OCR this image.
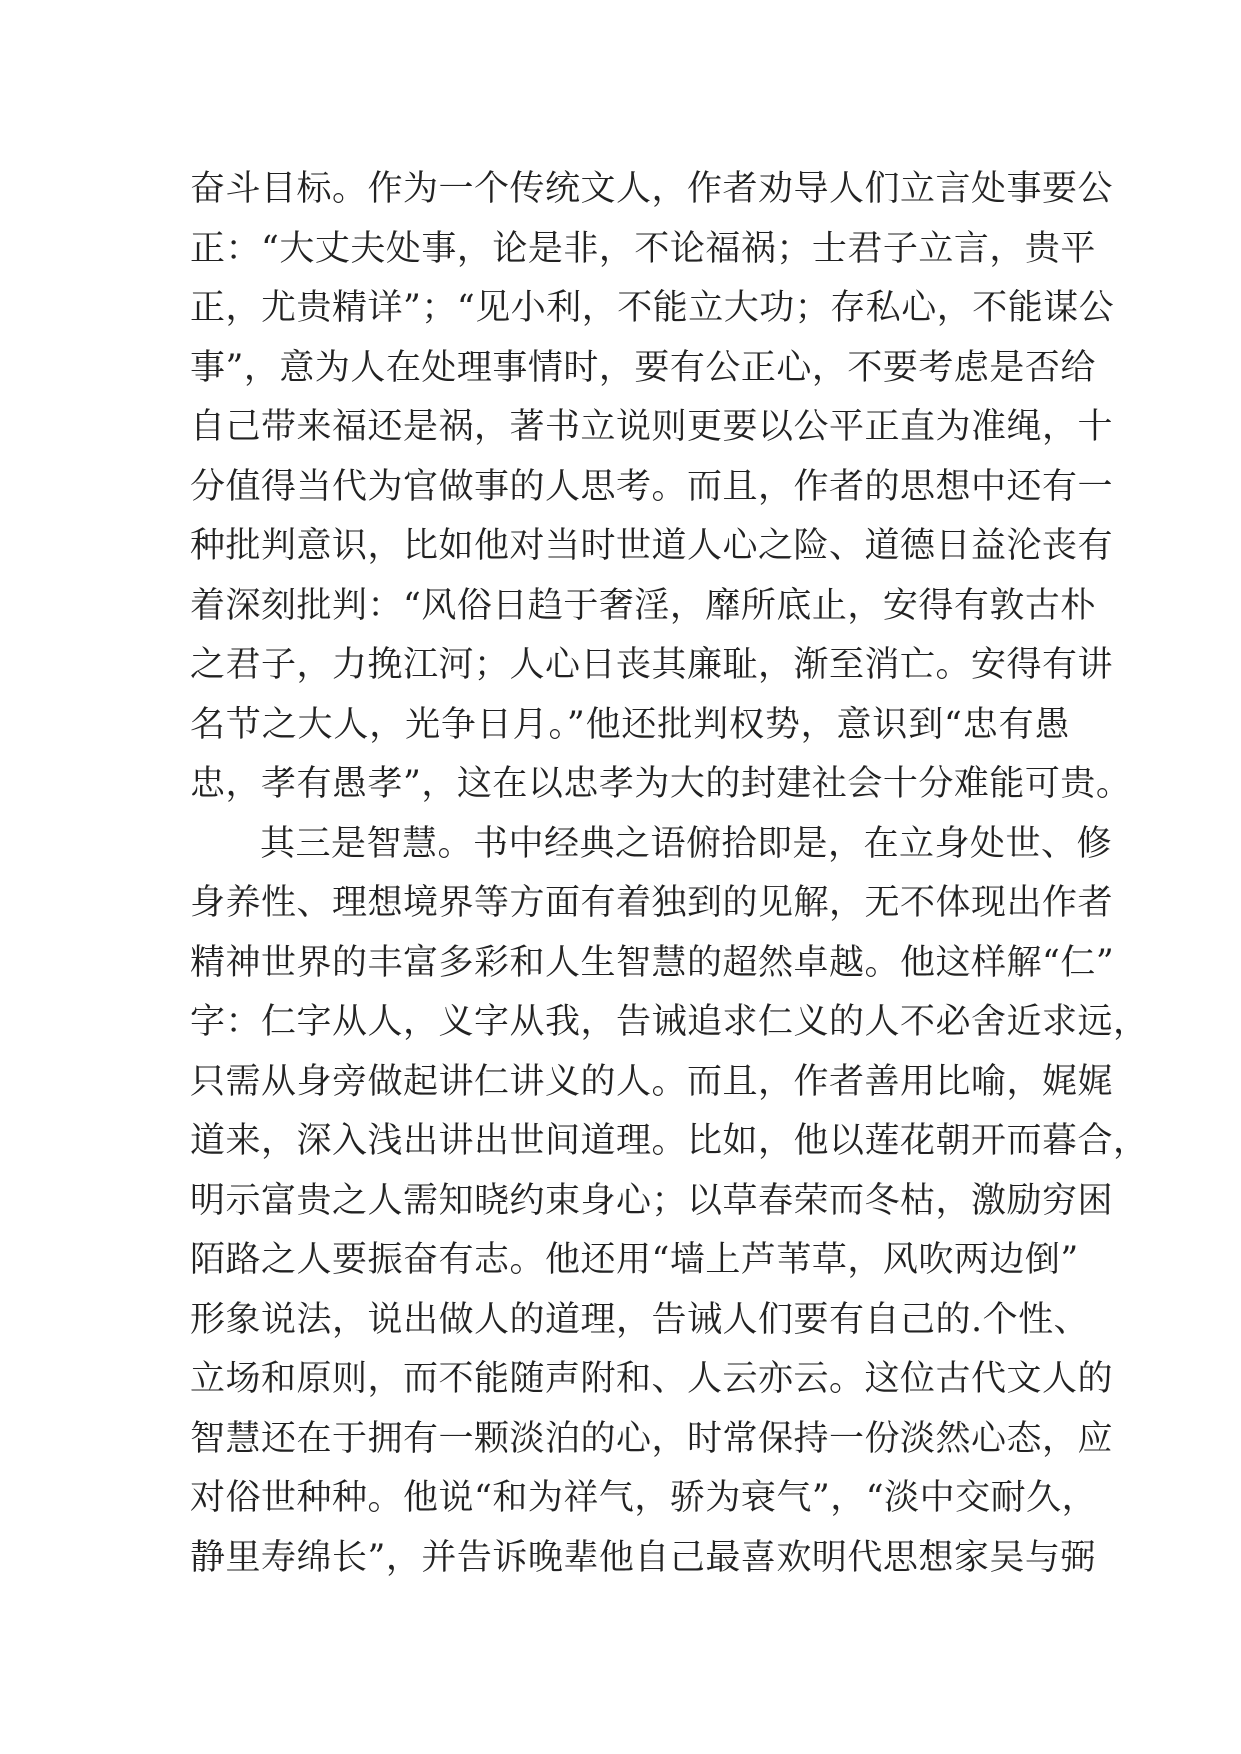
奋斗目标。作为一个传统文人，作者劝导人们立言处事要公
正：“大丈夫处事，论是非，不论福祸；士君子立言，贵平
正，尤贵精详”；“见小利，不能立大功；存私心，不能谋公
事”，意为人在处理事情时，要有公正心，不要考虑是否给
自己带来福还是祸，著书立说则更要以公平正直为准绳，十
分值得当代为官做事的人思考。而且，作者的思想中还有一
种批判意识，比如他对当时世道人心之险、道德日益沦丧有
着深刻批判：“风俗日趋于奢淫，靡所底止，安得有敦古朴
之君子，力挽江河；人心日丧其廉耻，渐至消亡。安得有讲
名节之大人，光争日月。”他还批判权势，意识到“忠有愚
忠，孝有愚孝”，这在以忠孝为大的封建社会十分难能可贵。
其三是智慧。书中经典之语俯拾即是，在立身处世、修
身养性、理想境界等方面有着独到的见解，无不体现出作者
精神世界的丰富多彩和人生智慧的超然卓越。他这样解“仁”
字：仁字从人，义字从我，告诫追求仁义的人不必舍近求远，
只需从身旁做起讲仁讲义的人。而且，作者善用比喻，娓娓
道来，深入浅出讲出世间道理。比如，他以莲花朝开而暮合，
明示富贵之人需知晓约束身心；以草春荣而冬枯，激励穷困
陌路之人要振奋有志。他还用“墙上芦苇草，风吹两边倒”
形象说法，说出做人的道理，告诫人们要有自己的.个性、
立场和原则，而不能随声附和、人云亦云。这位古代文人的
智慧还在于拥有一颗淡泊的心，时常保持一份淡然心态，应
对俗世种种。他说“和为祥气，骄为衰气”，“淡中交耐久，
静里寿绵长”，并告诉晚辈他自己最喜欢明代思想家吴与弼
